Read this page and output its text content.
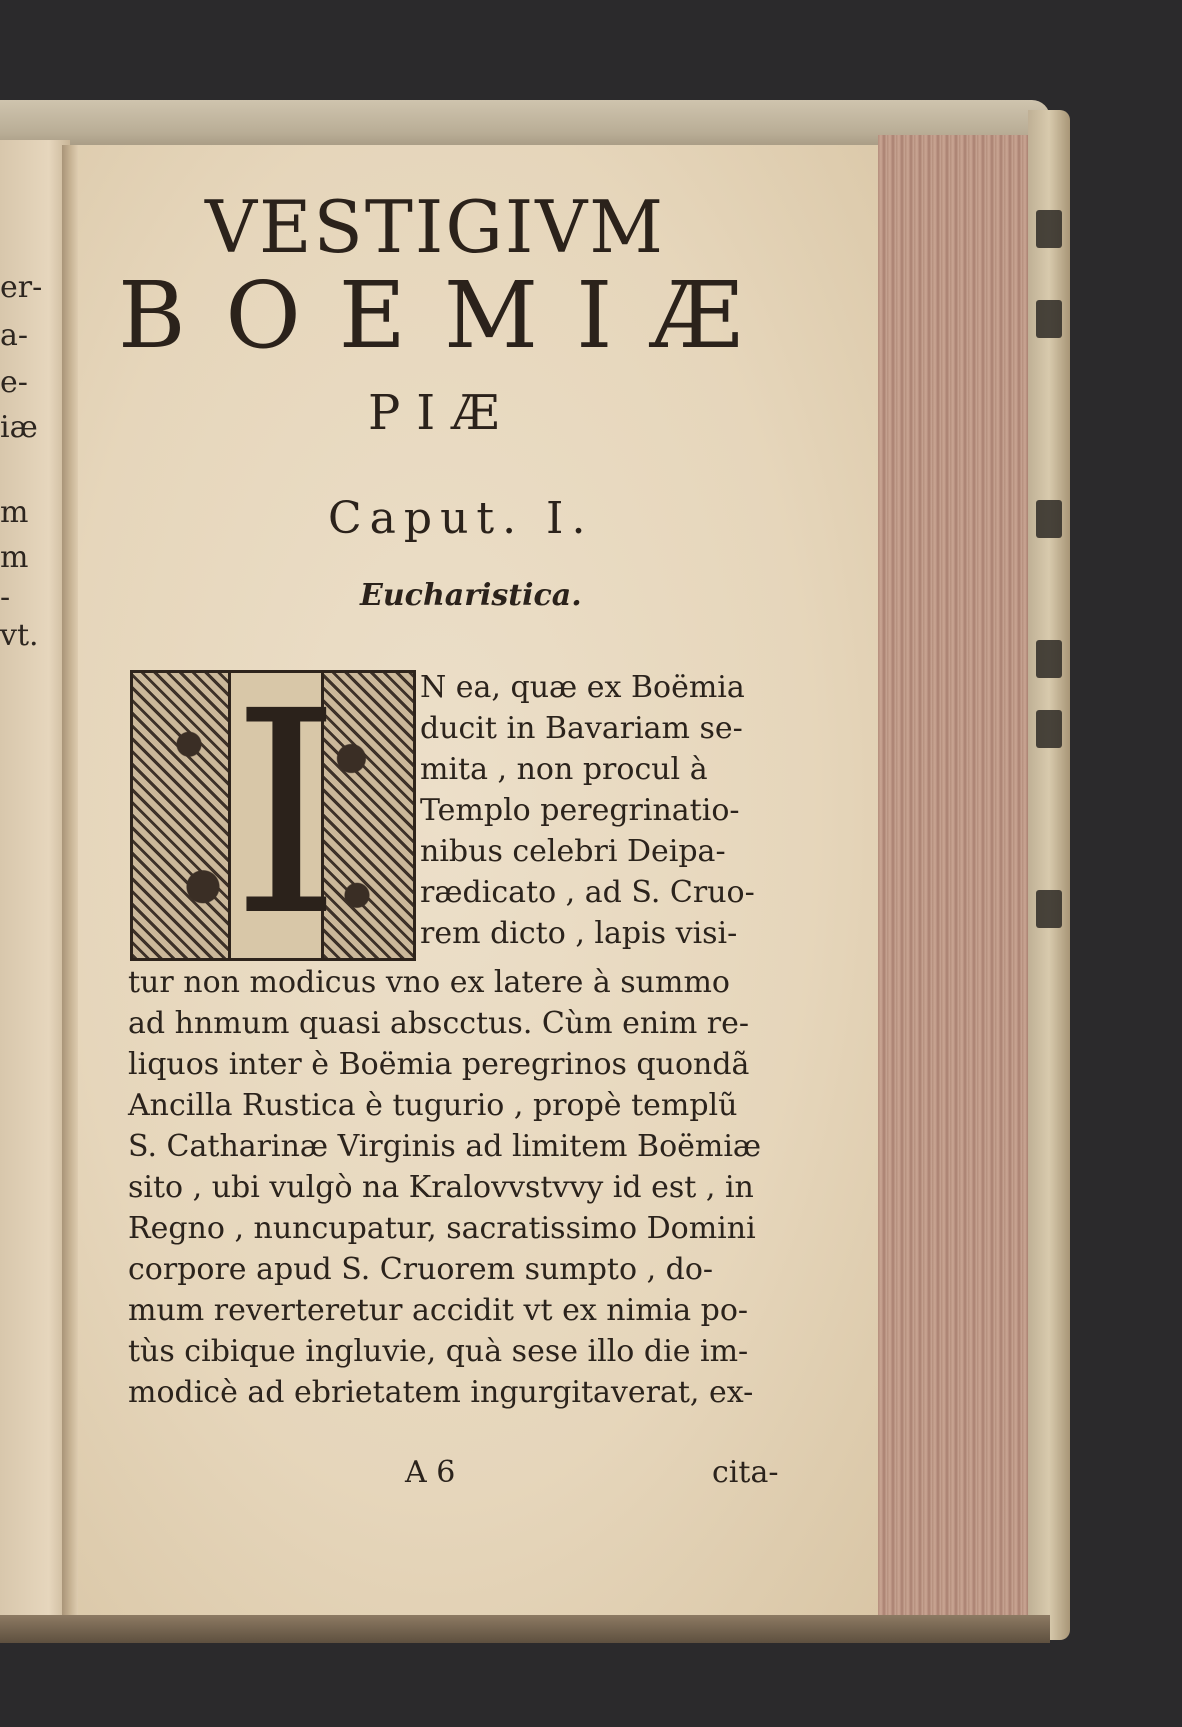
er-
a-
e-
iæ
m
m
-
vt.
VESTIGIVM
BOEMIÆ
PIÆ
Caput. I.
Eucharistica.
I	N ea, quæ ex Boëmia
ducit in Bavariam se-
mita , non procul à
Templo peregrinatio-
nibus celebri Deipa-
rædicato , ad S. Cruo-
rem dicto , lapis visi-
tur non modicus vno ex latere à summo
ad hnmum quasi abscctus. Cùm enim re-
liquos inter è Boëmia peregrinos quondã
Ancilla Rustica è tugurio , propè templũ
S. Catharinæ Virginis ad limitem Boëmiæ
sito , ubi vulgò na Kralovvstvvy id est , in
Regno , nuncupatur, sacratissimo Domini
corpore apud S. Cruorem sumpto , do-
mum reverteretur accidit vt ex nimia po-
tùs cibique ingluvie, quà sese illo die im-
modicè ad ebrietatem ingurgitaverat, ex-
A 6	cita-
